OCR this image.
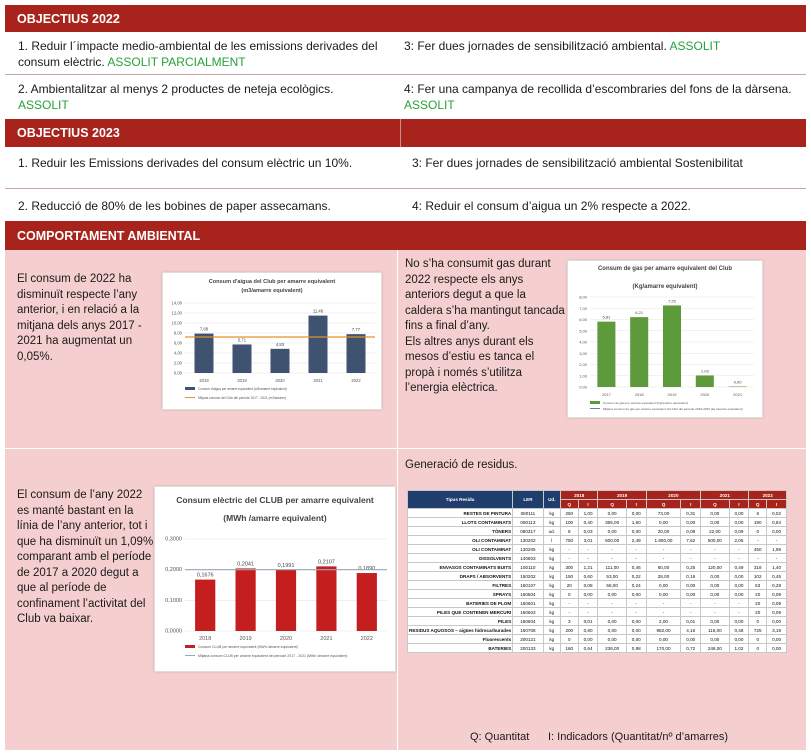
OBJECTIUS 2022
1. Reduir l´impacte medio-ambiental de les emissions derivades del consum elèctric. ASSOLIT PARCIALMENT
3: Fer dues jornades de sensibilització ambiental. ASSOLIT
2. Ambientalitzar al menys 2 productes de neteja ecològics. ASSOLIT
4: Fer una campanya de recollida d’escombraries del fons de la dàrsena. ASSOLIT
OBJECTIUS 2023
1. Reduir les Emissions derivades del consum elèctric un 10%.	3: Fer dues jornades de sensibilització ambiental Sostenibilitat
2. Reducció de 80% de les bobines de paper assecamans.	4: Reduir el consum d’aigua un 2% respecte a 2022.
COMPORTAMENT AMBIENTAL
El consum de 2022 ha disminuït respecte l’any anterior, i en relació a la mitjana dels anys 2017 - 2021 ha augmentat un 0,05%.
No s’ha consumit gas durant 2022 respecte els anys anteriors degut a que la caldera s’ha mantingut tancada fins a final d’any.
Els altres anys durant els mesos d’estiu es tanca el propà i només s’utilitza l’energia elèctrica.
El consum de l’any 2022 es manté bastant en la línia de l’any anterior, tot i que ha disminuït un 1,09% comparant amb el període de 2017 a 2020 degut a que al període de confinament l’activitat del Club va baixar.
Generació de residus.
Consum d'aigua del Club per amarre equivalent
(m3/amarre equivalent)
0,00
2,00
4,00
6,00
8,00
10,00
12,00
14,00
7,88
2018
5,71
2019
4,83
2020
11,48
2021
7,77
2022
Consum d'aigua per amarre equivalent (m3/amarre equivalent)
Mitjana consum del Club del període 2017 - 2021 (m3/amarre)
Consum de gas per amarre equivalent del Club
(Kg/amarre equivalent)
0,00
1,00
2,00
3,00
4,00
5,00
6,00
7,00
8,00
5,81
2017
6,21
2018
7,25
2019
1,03
2020
0,00
2021
Consum de gas per amarre equivalent (Kg/amarre equivalent)
Mitjana consum de gas per amarre equivalent del Club del període 2018-2020 (kg /amarre equivalent)
Consum elèctric del CLUB per amarre equivalent
(MWh /amarre equivalent)
0,0000
0,1000
0,2000
0,3000
0,1676
2018
0,2041
2019
0,1991
2020
0,2107
2021
0,1890
2022
Consum CLUB per amarre equivalent (MWh /amarre equivalent)
Mitjana consum CLUB per amarre equivalent del període 2017 - 2021 (MWh /amarre equivalent)
Tipus Residu	LER	Ud.	2018		2019		2020		2021		2022	
			Q	I	Q	I	Q	I	Q	I	Q	I
RESTES DE PINTURA	080111	kg	250	1,00	0,00	0,00	73,00	0,31	0,00	0,00	6	0,02
LLOTS CONTAMINATS	080113	kg	100	0,40	365,00	1,50	0,00	0,00	0,00	0,00	190	0,84
TÒNERS	080317	ud.	8	0,03	0,00	0,00	20,00	0,08	22,00	0,09	0	0,00
OLI CONTAMINAT	130202	l	750	3,01	600,00	2,49	1.800,00	7,62	500,00	2,05	-	-
OLI CONTAMINAT	130205	kg	-	-	-	-	-	-	-	-	450	1,98
DISSOLVENTS	140603	kg	-	-	-	-	-	-	-	-	-	-
ENVASOS CONTAMINATS BUITS	150110	kg	300	1,21	111,00	0,46	60,00	0,25	120,00	0,49	318	1,40
DRAPS / ABSORVENTS	150202	kg	150	0,60	53,00	0,22	28,00	0,16	0,00	0,00	102	0,45
FILTRES	160107	kg	20	0,08	58,00	0,24	0,00	0,00	0,00	0,00	63	0,28
SPRAYS	160504	kg	0	0,00	0,00	0,00	0,00	0,00	0,00	0,00	20	0,09
BATERIES DE PLOM	160601	kg	-	-	-	-	-	-	-	-	20	0,09
PILES QUE CONTENEN MERCURI	160603	kg	-	-	-	-	-	-	-	-	20	0,09
PILES	160604	kg	3	0,01	0,00	0,00	2,00	0,01	0,00	0,00	0	0,00
RESIDUS AQUOSOS – aigües hidrocarburades	160708	kg	200	0,80	0,00	0,00	982,00	4,16	116,00	0,48	725	3,19
Fluorescents	200121	kg	0	0,00	0,00	0,00	0,00	0,00	0,00	0,00	0	0,00
BATERIES	200133	kg	160	0,64	236,00	0,98	170,00	0,72	248,00	1,02	0	0,00
Q: Quantitat I: Indicadors (Quantitat/nº d’amarres)
